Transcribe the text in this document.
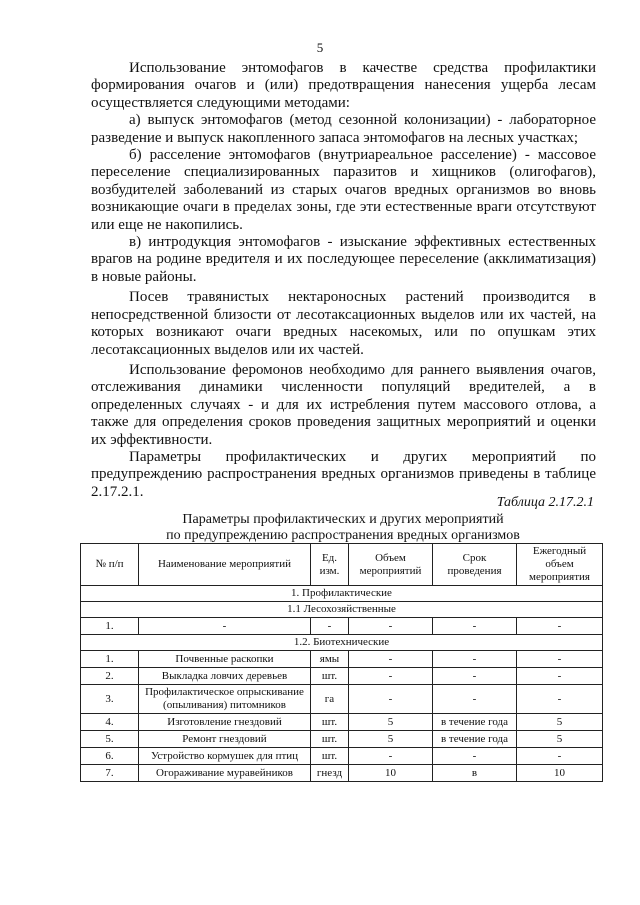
5

Использование энтомофагов в качестве средства профилактики формирования очагов и (или) предотвращения нанесения ущерба лесам осуществляется следующими методами:

а) выпуск энтомофагов (метод сезонной колонизации) - лабораторное разведение и выпуск накопленного запаса энтомофагов на лесных участках;

б) расселение энтомофагов (внутриареальное расселение) - массовое переселение специализированных паразитов и хищников (олигофагов), возбудителей заболеваний из старых очагов вредных организмов во вновь возникающие очаги в пределах зоны, где эти естественные враги отсутствуют или еще не накопились.

в) интродукция энтомофагов - изыскание эффективных естественных врагов на родине вредителя и их последующее переселение (акклиматизация) в новые районы.

Посев травянистых нектароносных растений производится в непосредственной близости от лесотаксационных выделов или их частей, на которых возникают очаги вредных насекомых, или по опушкам этих лесотаксационных выделов или их частей.

Использование феромонов необходимо для раннего выявления очагов, отслеживания динамики численности популяций вредителей, а в определенных случаях - и для их истребления путем массового отлова, а также для определения сроков проведения защитных мероприятий и оценки их эффективности.

Параметры профилактических и других мероприятий по предупреждению распространения вредных организмов приведены в таблице 2.17.2.1.

Таблица 2.17.2.1
Параметры профилактических и других мероприятий
по предупреждению распространения вредных организмов
№ п/п	Наименование мероприятий	Ед. изм.	Объем мероприятий	Срок проведения	Ежегодный объем мероприятия
1. Профилактические					
1.1 Лесохозяйственные					
1.	-	-	-	-	-
1.2. Биотехнические					
1.	Почвенные раскопки	ямы	-	-	-
2.	Выкладка ловчих деревьев	шт.	-	-	-
3.	Профилактическое опрыскивание (опыливания) питомников	га	-	-	-
4.	Изготовление гнездовий	шт.	5	в течение года	5
5.	Ремонт гнездовий	шт.	5	в течение года	5
6.	Устройство кормушек для птиц	шт.	-	-	-
7.	Огораживание муравейников	гнезд	10	в	10
